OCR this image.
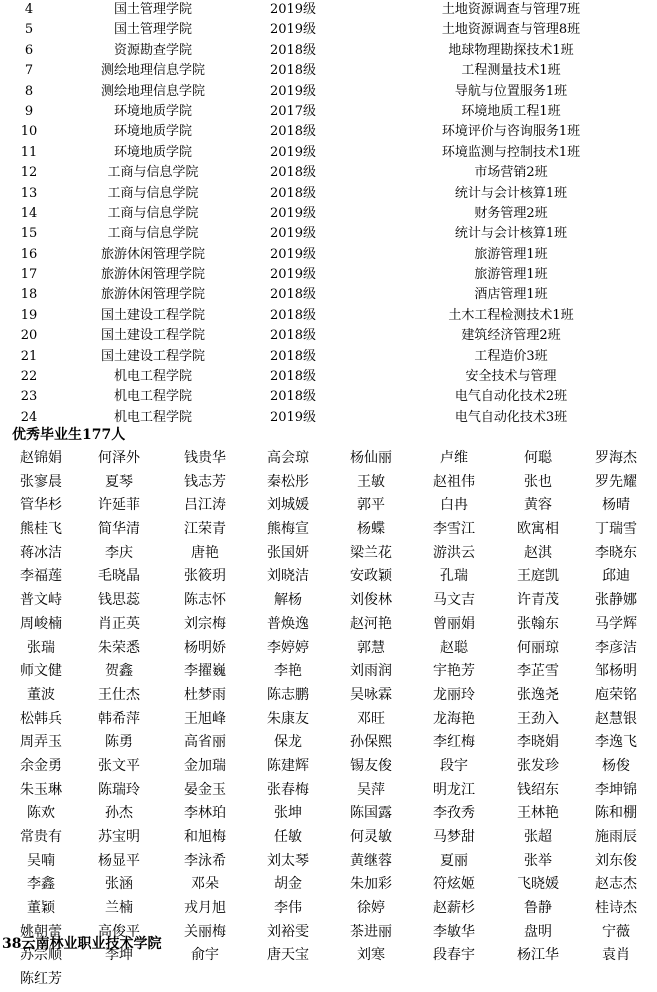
4	国土管理学院	2019级	土地资源调查与管理7班
5	国土管理学院	2019级	土地资源调查与管理8班
6	资源勘查学院	2018级	地球物理勘探技术1班
7	测绘地理信息学院	2018级	工程测量技术1班
8	测绘地理信息学院	2019级	导航与位置服务1班
9	环境地质学院	2017级	环境地质工程1班
10	环境地质学院	2018级	环境评价与咨询服务1班
11	环境地质学院	2019级	环境监测与控制技术1班
12	工商与信息学院	2018级	市场营销2班
13	工商与信息学院	2018级	统计与会计核算1班
14	工商与信息学院	2019级	财务管理2班
15	工商与信息学院	2019级	统计与会计核算1班
16	旅游休闲管理学院	2019级	旅游管理1班
17	旅游休闲管理学院	2019级	旅游管理1班
18	旅游休闲管理学院	2018级	酒店管理1班
19	国土建设工程学院	2018级	土木工程检测技术1班
20	国土建设工程学院	2018级	建筑经济管理2班
21	国土建设工程学院	2018级	工程造价3班
22	机电工程学院	2018级	安全技术与管理
23	机电工程学院	2018级	电气自动化技术2班
24	机电工程学院	2019级	电气自动化技术3班
优秀毕业生177人
赵锦娟	何泽外	钱贵华	高会琼	杨仙丽	卢维	何聪	罗海杰
张寥晨	夏琴	钱志芳	秦松彤	王敏	赵祖伟	张也	罗先耀
管华杉	许延菲	吕江涛	刘城媛	郭平	白冉	黄容	杨晴
熊桂飞	简华清	江荣青	熊梅宣	杨蝶	李雪江	欧寓相	丁瑞雪
蒋冰洁	李庆	唐艳	张国妍	梁兰花	游洪云	赵淇	李晓东
李福莲	毛晓晶	张筱玥	刘晓洁	安政颖	孔瑞	王庭凯	邱迪
普文峙	钱思蕊	陈志怀	解杨	刘俊林	马文吉	许青茂	张静娜
周峻楠	肖正英	刘宗梅	普焕逸	赵河艳	曾丽娟	张翰东	马学辉
张瑞	朱荣悉	杨明娇	李婷婷	郭慧	赵聪	何丽琼	李彦洁
师文健	贺鑫	李擢巍	李艳	刘雨润	宇艳芳	李芷雪	邹杨明
董波	王仕杰	杜梦雨	陈志鹏	吴咏霖	龙丽玲	张逸尧	庖荣铭
松韩兵	韩希萍	王旭峰	朱康友	邓旺	龙海艳	王劲入	赵慧银
周弄玉	陈勇	高省丽	保龙	孙保熙	李红梅	李晓娟	李逸飞
余金勇	张文平	金加瑞	陈建辉	锡友俊	段宇	张发珍	杨俊
朱玉琳	陈瑞玲	晏金玉	张春梅	吴萍	明龙江	钱绍东	李坤锦
陈欢	孙杰	李林珀	张坤	陈国露	李孜秀	王林艳	陈和棚
常贵有	苏宝明	和旭梅	任敏	何灵敏	马梦甜	张超	施雨辰
吴喃	杨显平	李泳希	刘太琴	黄继蓉	夏丽	张举	刘东俊
李鑫	张涵	邓朵	胡金	朱加彩	符炫姬	飞晓媛	赵志杰
董颖	兰楠	戎月旭	李伟	徐婷	赵薪杉	鲁静	桂诗杰
姚朝蕾	高俊平	关丽梅	刘裕雯	茶进丽	李敏华	盘明	宁薇
苏宗顺	李坤	俞宇	唐天宝	刘寒	段春宇	杨江华	袁肖
陈红芳
38云南林业职业技术学院
